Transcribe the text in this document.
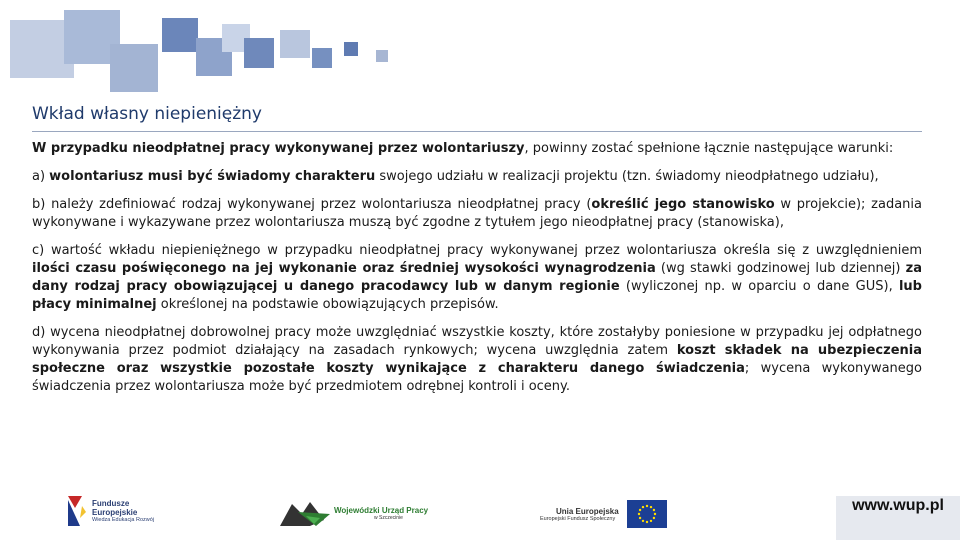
Wkład własny niepieniężny

W przypadku nieodpłatnej pracy wykonywanej przez wolontariuszy, powinny zostać spełnione łącznie następujące warunki:

a) wolontariusz musi być świadomy charakteru swojego udziału w realizacji projektu (tzn. świadomy nieodpłatnego udziału),

b) należy zdefiniować rodzaj wykonywanej przez wolontariusza nieodpłatnej pracy (określić jego stanowisko w projekcie); zadania wykonywane i wykazywane przez wolontariusza muszą być zgodne z tytułem jego nieodpłatnej pracy (stanowiska),

c) wartość wkładu niepieniężnego w przypadku nieodpłatnej pracy wykonywanej przez wolontariusza określa się z uwzględnieniem ilości czasu poświęconego na jej wykonanie oraz średniej wysokości wynagrodzenia (wg stawki godzinowej lub dziennej) za dany rodzaj pracy obowiązującej u danego pracodawcy lub w danym regionie (wyliczonej np. w oparciu o dane GUS), lub płacy minimalnej określonej na podstawie obowiązujących przepisów.

d) wycena nieodpłatnej dobrowolnej pracy może uwzględniać wszystkie koszty, które zostałyby poniesione w przypadku jej odpłatnego wykonywania przez podmiot działający na zasadach rynkowych; wycena uwzględnia zatem koszt składek na ubezpieczenia społeczne oraz wszystkie pozostałe koszty wynikające z charakteru danego świadczenia; wycena wykonywanego świadczenia przez wolontariusza może być przedmiotem odrębnej kontroli i oceny.

Fundusze
Europejskie
Wiedza Edukacja Rozwój
Wojewódzki Urząd Pracy
w Szczecinie
Unia Europejska
Europejski Fundusz Społeczny
www.wup.pl
